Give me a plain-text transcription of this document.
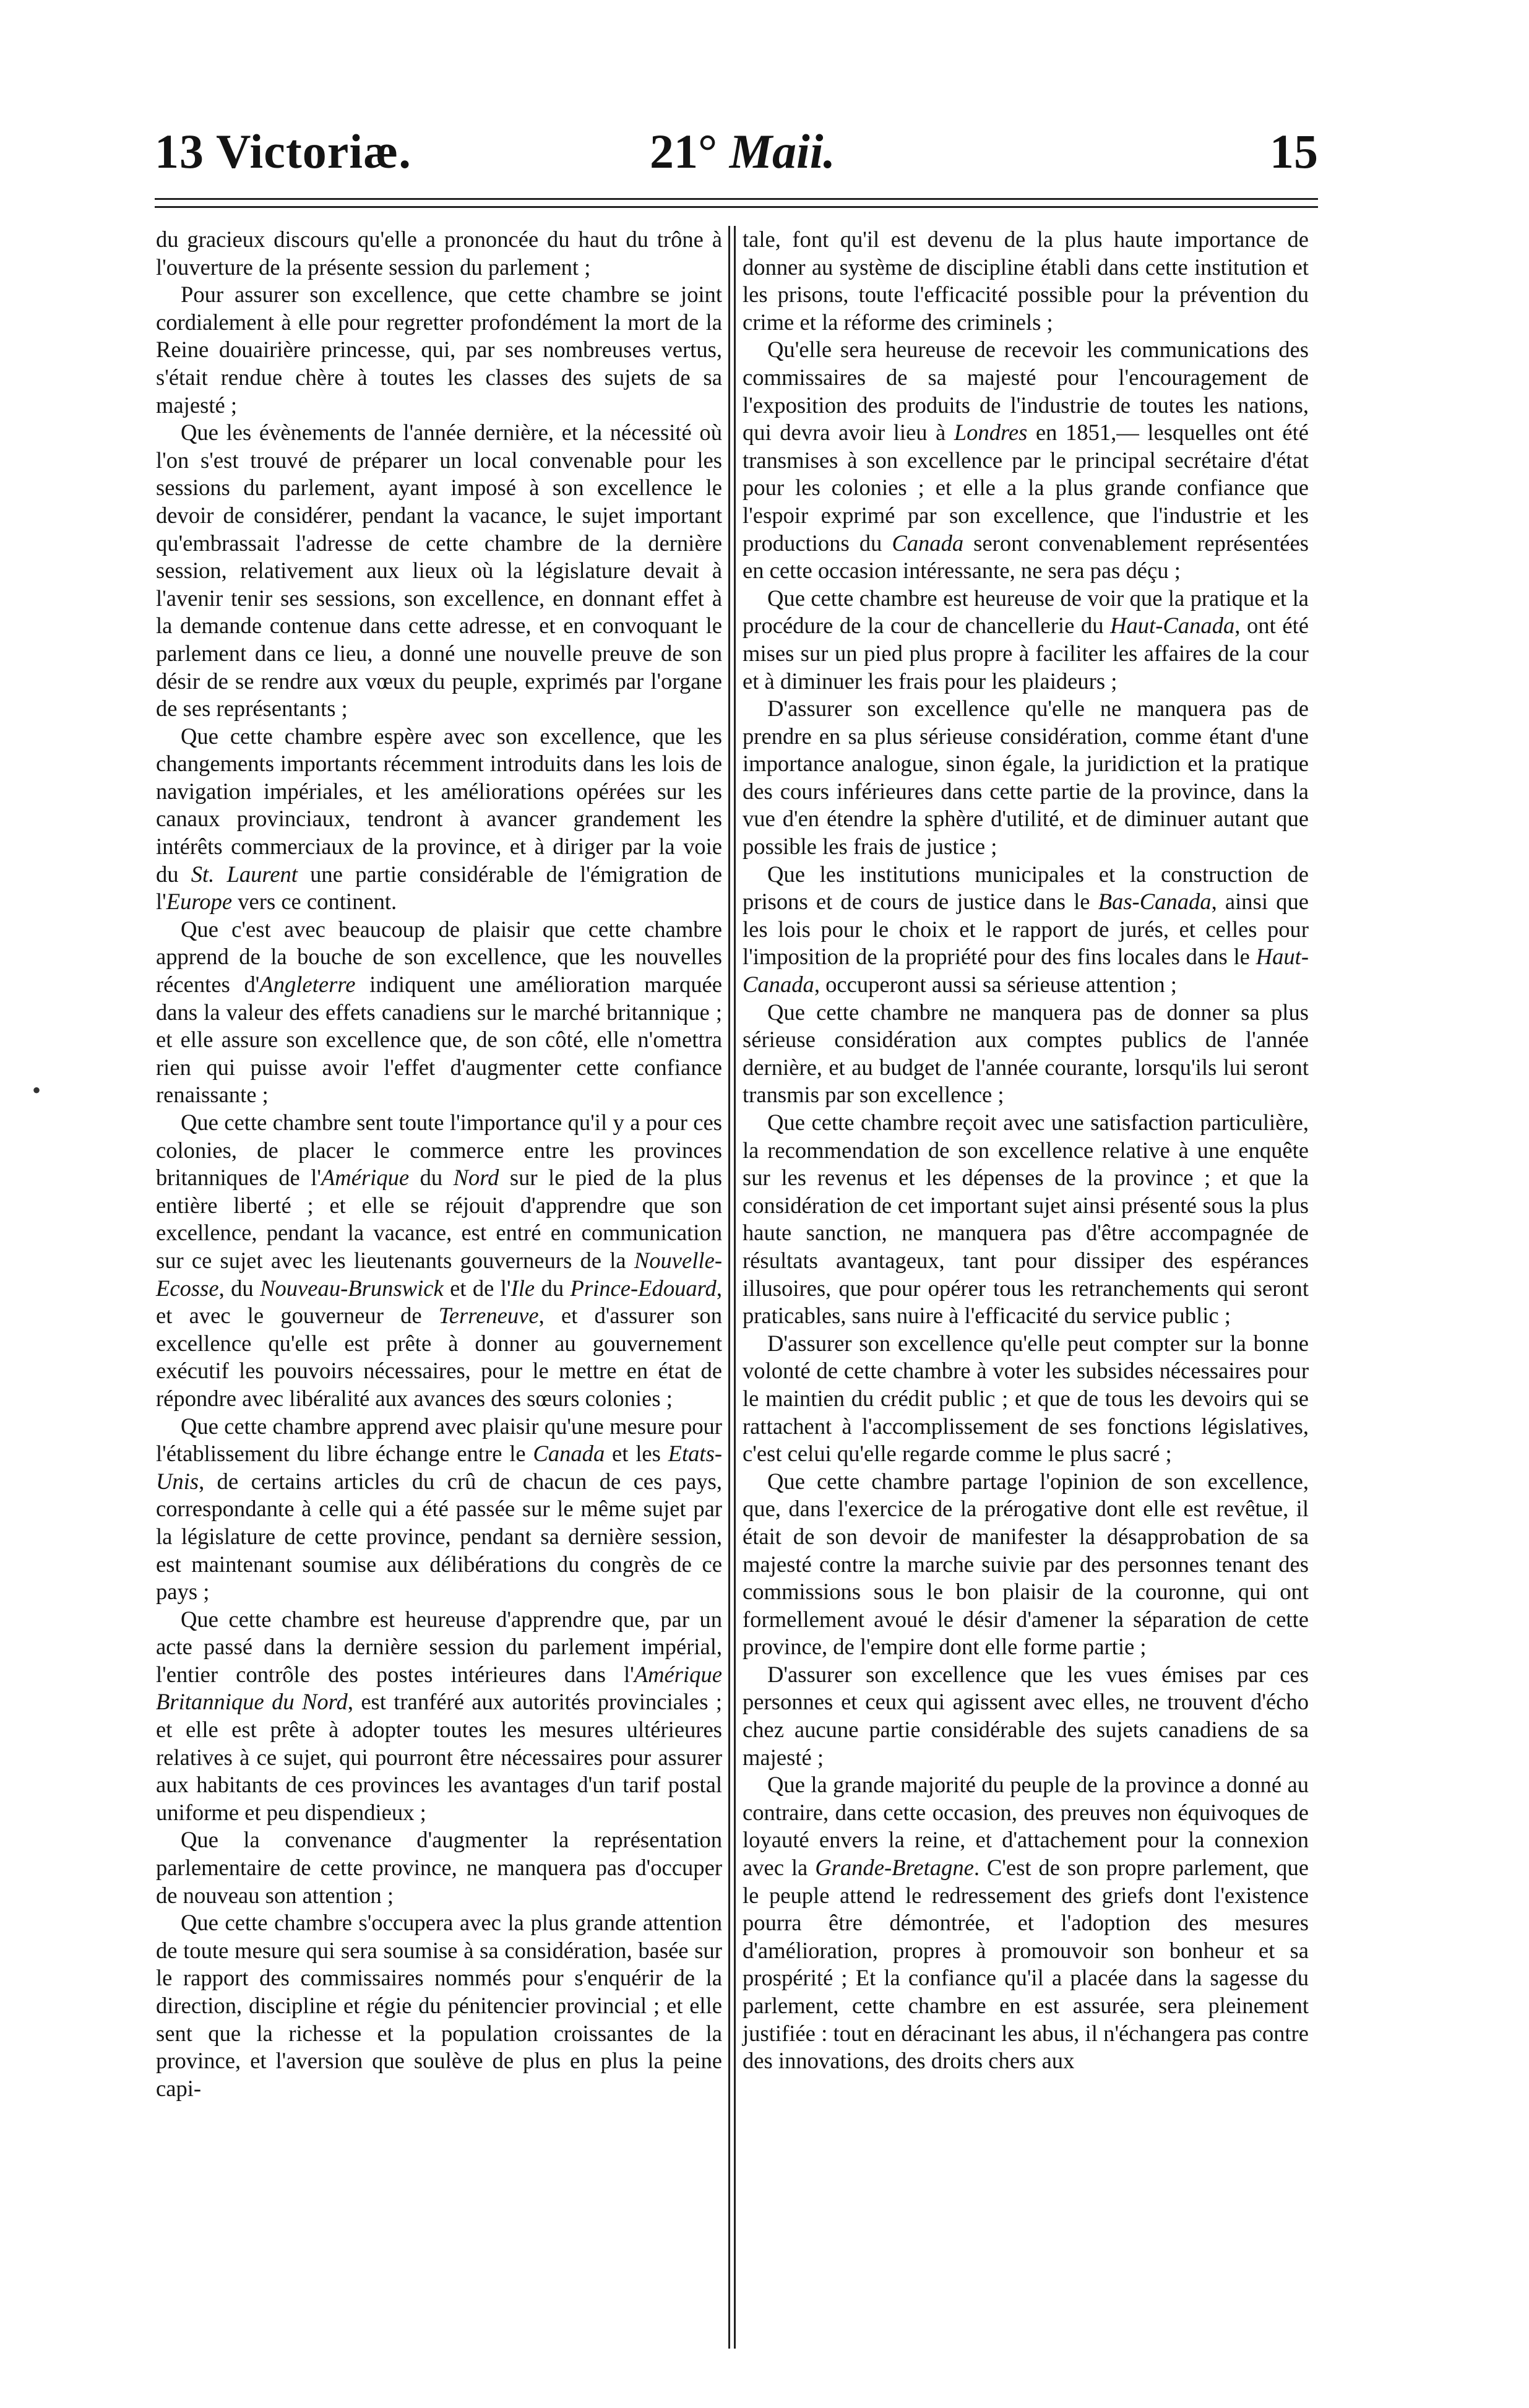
13 Victoriæ.	21° Maii.	15

du gracieux discours qu'elle a prononcée du haut du trône à l'ouverture de la présente session du parlement ;

Pour assurer son excellence, que cette chambre se joint cordialement à elle pour regretter profondément la mort de la Reine douairière princesse, qui, par ses nombreuses vertus, s'était rendue chère à toutes les classes des sujets de sa majesté ;

Que les évènements de l'année dernière, et la nécessité où l'on s'est trouvé de préparer un local convenable pour les sessions du parlement, ayant imposé à son excellence le devoir de considérer, pendant la vacance, le sujet important qu'embrassait l'adresse de cette chambre de la dernière session, relativement aux lieux où la législature devait à l'avenir tenir ses sessions, son excellence, en donnant effet à la demande contenue dans cette adresse, et en convoquant le parlement dans ce lieu, a donné une nouvelle preuve de son désir de se rendre aux vœux du peuple, exprimés par l'organe de ses représentants ;

Que cette chambre espère avec son excellence, que les changements importants récemment introduits dans les lois de navigation impériales, et les améliorations opérées sur les canaux provinciaux, tendront à avancer grandement les intérêts commerciaux de la province, et à diriger par la voie du St. Laurent une partie considérable de l'émigration de l'Europe vers ce continent.

Que c'est avec beaucoup de plaisir que cette chambre apprend de la bouche de son excellence, que les nouvelles récentes d'Angleterre indiquent une amélioration marquée dans la valeur des effets canadiens sur le marché britannique ; et elle assure son excellence que, de son côté, elle n'omettra rien qui puisse avoir l'effet d'augmenter cette confiance renaissante ;

Que cette chambre sent toute l'importance qu'il y a pour ces colonies, de placer le commerce entre les provinces britanniques de l'Amérique du Nord sur le pied de la plus entière liberté ; et elle se réjouit d'apprendre que son excellence, pendant la vacance, est entré en communication sur ce sujet avec les lieutenants gouverneurs de la Nouvelle-Ecosse, du Nouveau-Brunswick et de l'Ile du Prince-Edouard, et avec le gouverneur de Terreneuve, et d'assurer son excellence qu'elle est prête à donner au gouvernement exécutif les pouvoirs nécessaires, pour le mettre en état de répondre avec libéralité aux avances des sœurs colonies ;

Que cette chambre apprend avec plaisir qu'une mesure pour l'établissement du libre échange entre le Canada et les Etats-Unis, de certains articles du crû de chacun de ces pays, correspondante à celle qui a été passée sur le même sujet par la législature de cette province, pendant sa dernière session, est maintenant soumise aux délibérations du congrès de ce pays ;

Que cette chambre est heureuse d'apprendre que, par un acte passé dans la dernière session du parlement impérial, l'entier contrôle des postes intérieures dans l'Amérique Britannique du Nord, est tranféré aux autorités provinciales ; et elle est prête à adopter toutes les mesures ultérieures relatives à ce sujet, qui pourront être nécessaires pour assurer aux habitants de ces provinces les avantages d'un tarif postal uniforme et peu dispendieux ;

Que la convenance d'augmenter la représentation parlementaire de cette province, ne manquera pas d'occuper de nouveau son attention ;

Que cette chambre s'occupera avec la plus grande attention de toute mesure qui sera soumise à sa considération, basée sur le rapport des commissaires nommés pour s'enquérir de la direction, discipline et régie du pénitencier provincial ; et elle sent que la richesse et la population croissantes de la province, et l'aversion que soulève de plus en plus la peine capi-

tale, font qu'il est devenu de la plus haute importance de donner au système de discipline établi dans cette institution et les prisons, toute l'efficacité possible pour la prévention du crime et la réforme des criminels ;

Qu'elle sera heureuse de recevoir les communications des commissaires de sa majesté pour l'encouragement de l'exposition des produits de l'industrie de toutes les nations, qui devra avoir lieu à Londres en 1851,— lesquelles ont été transmises à son excellence par le principal secrétaire d'état pour les colonies ; et elle a la plus grande confiance que l'espoir exprimé par son excellence, que l'industrie et les productions du Canada seront convenablement représentées en cette occasion intéressante, ne sera pas déçu ;

Que cette chambre est heureuse de voir que la pratique et la procédure de la cour de chancellerie du Haut-Canada, ont été mises sur un pied plus propre à faciliter les affaires de la cour et à diminuer les frais pour les plaideurs ;

D'assurer son excellence qu'elle ne manquera pas de prendre en sa plus sérieuse considération, comme étant d'une importance analogue, sinon égale, la juridiction et la pratique des cours inférieures dans cette partie de la province, dans la vue d'en étendre la sphère d'utilité, et de diminuer autant que possible les frais de justice ;

Que les institutions municipales et la construction de prisons et de cours de justice dans le Bas-Canada, ainsi que les lois pour le choix et le rapport de jurés, et celles pour l'imposition de la propriété pour des fins locales dans le Haut-Canada, occuperont aussi sa sérieuse attention ;

Que cette chambre ne manquera pas de donner sa plus sérieuse considération aux comptes publics de l'année dernière, et au budget de l'année courante, lorsqu'ils lui seront transmis par son excellence ;

Que cette chambre reçoit avec une satisfaction particulière, la recommendation de son excellence relative à une enquête sur les revenus et les dépenses de la province ; et que la considération de cet important sujet ainsi présenté sous la plus haute sanction, ne manquera pas d'être accompagnée de résultats avantageux, tant pour dissiper des espérances illusoires, que pour opérer tous les retranchements qui seront praticables, sans nuire à l'efficacité du service public ;

D'assurer son excellence qu'elle peut compter sur la bonne volonté de cette chambre à voter les subsides nécessaires pour le maintien du crédit public ; et que de tous les devoirs qui se rattachent à l'accomplissement de ses fonctions législatives, c'est celui qu'elle regarde comme le plus sacré ;

Que cette chambre partage l'opinion de son excellence, que, dans l'exercice de la prérogative dont elle est revêtue, il était de son devoir de manifester la désapprobation de sa majesté contre la marche suivie par des personnes tenant des commissions sous le bon plaisir de la couronne, qui ont formellement avoué le désir d'amener la séparation de cette province, de l'empire dont elle forme partie ;

D'assurer son excellence que les vues émises par ces personnes et ceux qui agissent avec elles, ne trouvent d'écho chez aucune partie considérable des sujets canadiens de sa majesté ;

Que la grande majorité du peuple de la province a donné au contraire, dans cette occasion, des preuves non équivoques de loyauté envers la reine, et d'attachement pour la connexion avec la Grande-Bretagne. C'est de son propre parlement, que le peuple attend le redressement des griefs dont l'existence pourra être démontrée, et l'adoption des mesures d'amélioration, propres à promouvoir son bonheur et sa prospérité ; Et la confiance qu'il a placée dans la sagesse du parlement, cette chambre en est assurée, sera pleinement justifiée : tout en déracinant les abus, il n'échangera pas contre des innovations, des droits chers aux

•
